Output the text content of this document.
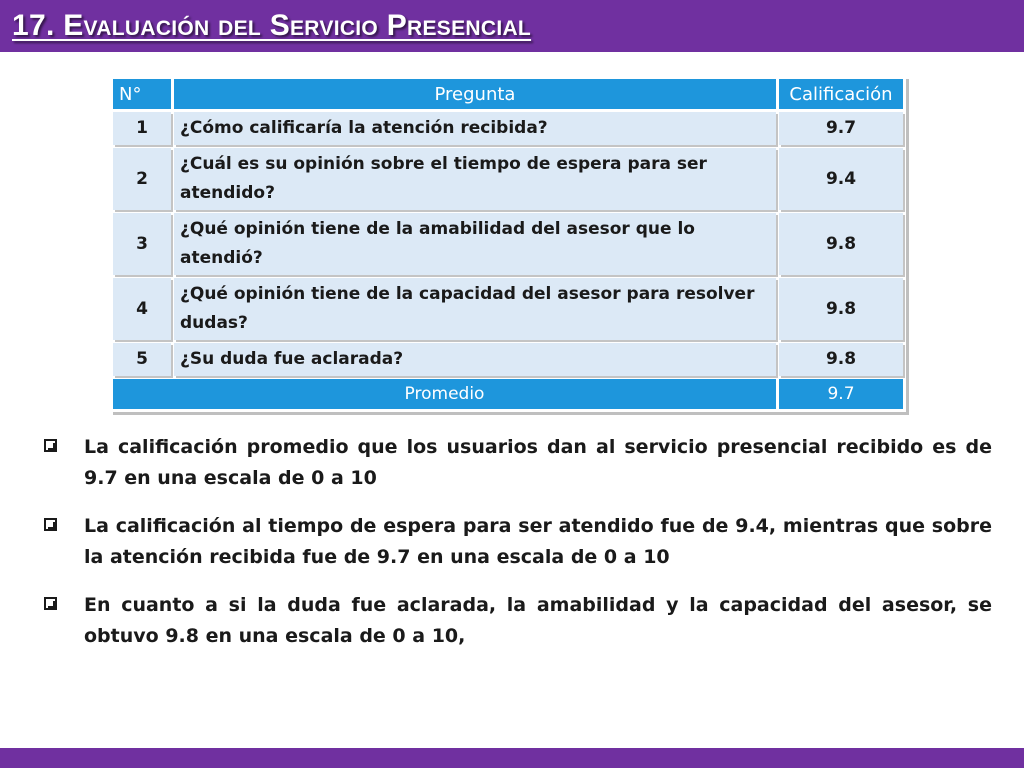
17. Evaluación del Servicio Presencial
N°	Pregunta	Calificación
1	¿Cómo calificaría la atención recibida?	9.7
2	¿Cuál es su opinión sobre el tiempo de espera para ser atendido?	9.4
3	¿Qué opinión tiene de la amabilidad del asesor que lo atendió?	9.8
4	¿Qué opinión tiene de la capacidad del asesor para resolver dudas?	9.8
5	¿Su duda fue aclarada?	9.8
Promedio		9.7
La calificación promedio que los usuarios dan al servicio presencial recibido es de 9.7 en una escala de 0 a 10
La calificación al tiempo de espera para ser atendido fue de 9.4, mientras que sobre la atención recibida fue de 9.7 en una escala de 0 a 10
En cuanto a si la duda fue aclarada, la amabilidad y la capacidad del asesor, se obtuvo 9.8 en una escala de 0 a 10,
